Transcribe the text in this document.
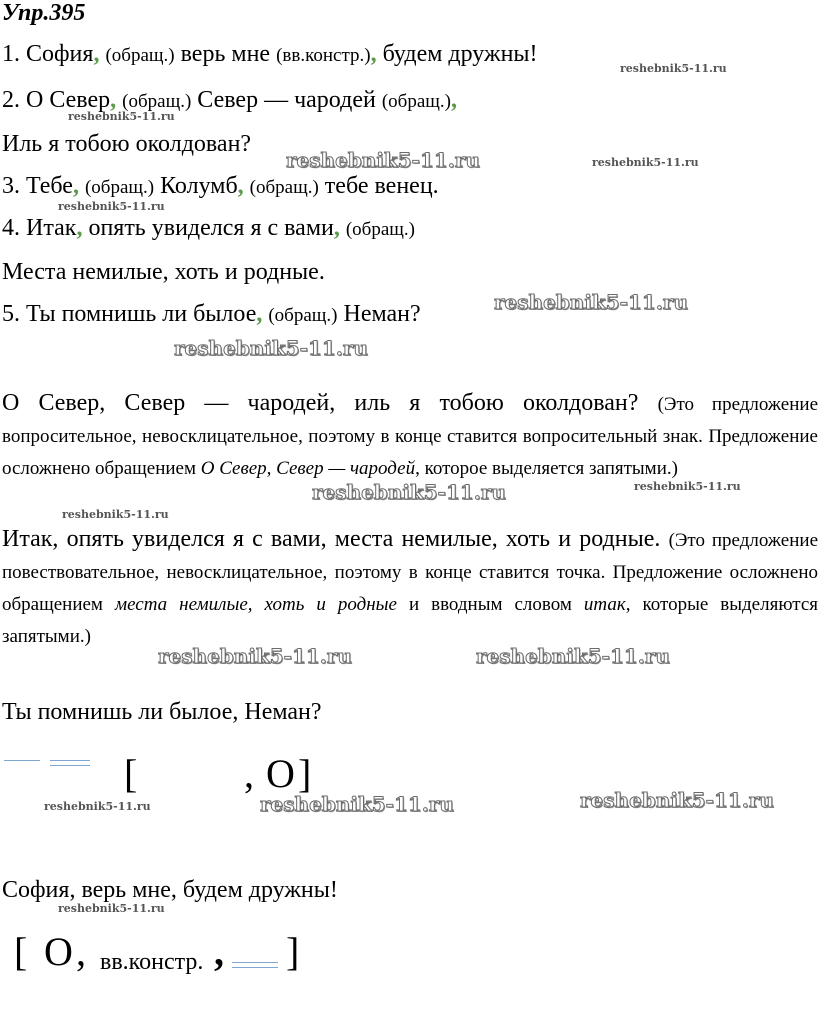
Упр.395
1. София, (обращ.) верь мне (вв.констр.), будем дружны!
2. О Север, (обращ.) Север — чародей (обращ.),
Иль я тобою околдован?
3. Тебе, (обращ.) Колумб, (обращ.) тебе венец.
4. Итак, опять увиделся я с вами, (обращ.)
Места немилые, хоть и родные.
5. Ты помнишь ли былое, (обращ.) Неман?
О Север, Север — чародей, иль я тобою околдован? (Это предложение вопросительное, невосклицательное, поэтому в конце ставится вопросительный знак. Предложение осложнено обращением О Север, Север — чародей, которое выделяется запятыми.)
Итак, опять увиделся я с вами, места немилые, хоть и родные. (Это предложение повествовательное, невосклицательное, поэтому в конце ставится точка. Предложение осложнено обращением места немилые, хоть и родные и вводным словом итак, которые выделяются запятыми.)
Ты помнишь ли былое, Неман?
[	, О ]
София, верь мне, будем дружны!
[ О , вв.констр. , ]
reshebnik5-11.ru
reshebnik5-11.ru
reshebnik5-11.ru	reshebnik5-11.ru
reshebnik5-11.ru
reshebnik5-11.ru
reshebnik5-11.ru
reshebnik5-11.ru	reshebnik5-11.ru
reshebnik5-11.ru
reshebnik5-11.ru	reshebnik5-11.ru
reshebnik5-11.ru	reshebnik5-11.ru
reshebnik5-11.ru
reshebnik5-11.ru
